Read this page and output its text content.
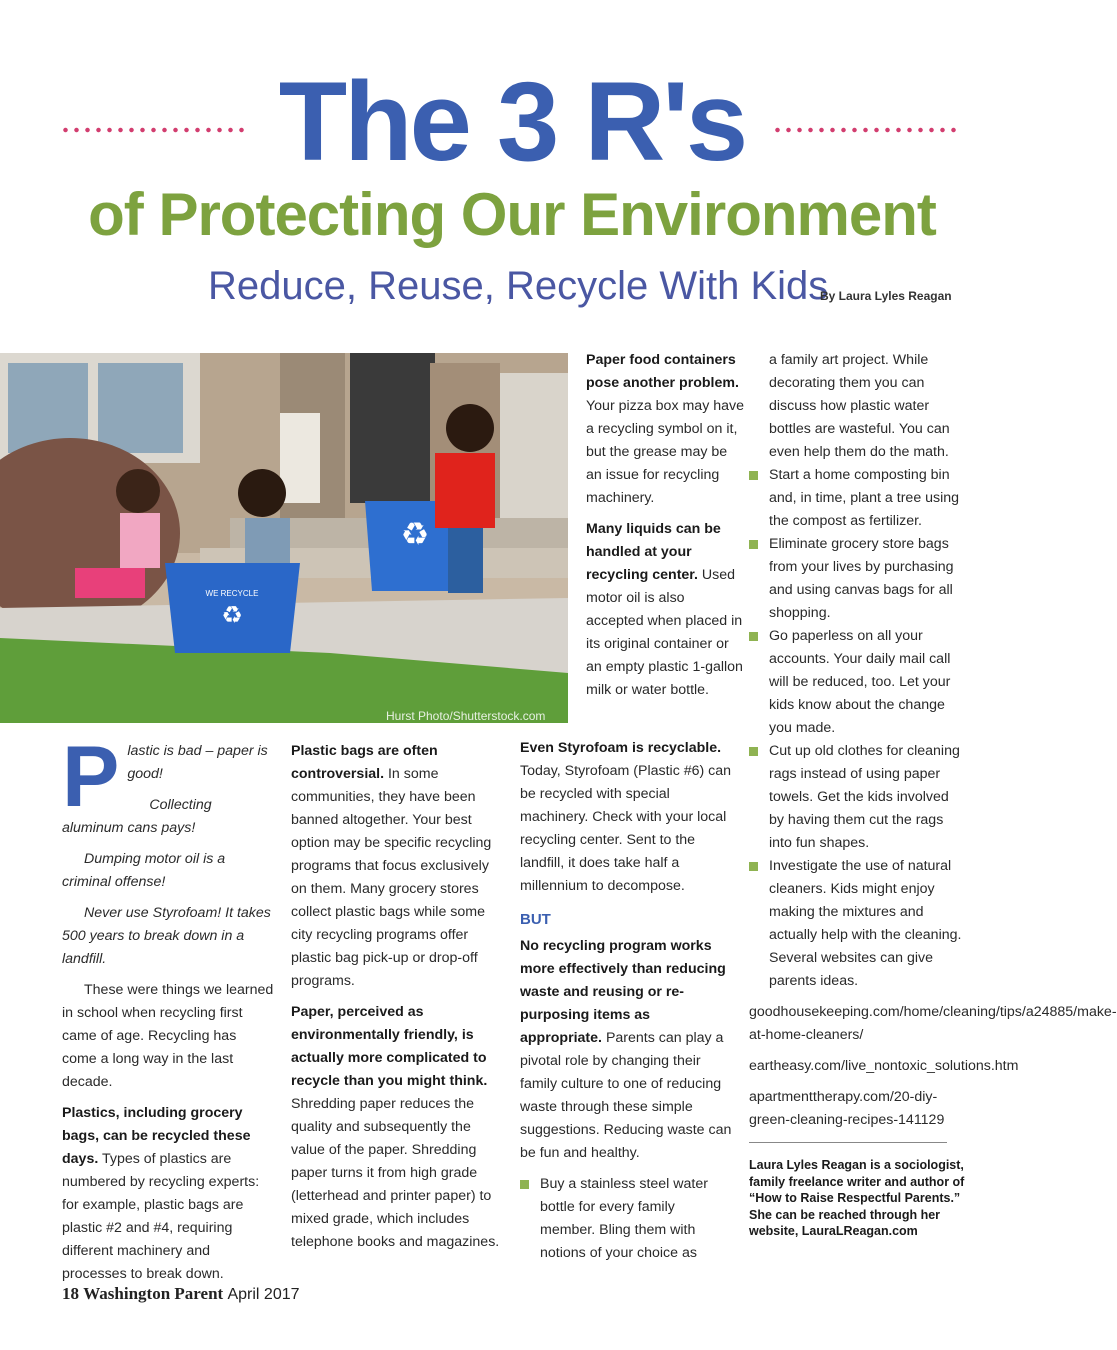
The 3 R's
of Protecting Our Environment
Reduce, Reuse, Recycle With Kids
By Laura Lyles Reagan
WE RECYCLE
♻
♻
Hurst Photo/Shutterstock.com

Paper food containers pose another problem. Your pizza box may have a recycling symbol on it, but the grease may be an issue for recycling machinery.

Many liquids can be handled at your recycling center. Used motor oil is also accepted when placed in its original container or an empty plastic 1-gallon milk or water bottle.

a family art project. While decorating them you can discuss how plastic water bottles are wasteful. You can even help them do the math.
Start a home composting bin and, in time, plant a tree using the compost as fertilizer.
Eliminate grocery store bags from your lives by purchasing and using canvas bags for all shopping.
Go paperless on all your accounts. Your daily mail call will be reduced, too. Let your kids know about the change you made.
Cut up old clothes for cleaning rags instead of using paper towels. Get the kids involved by having them cut the rags into fun shapes.
Investigate the use of natural cleaners. Kids might enjoy making the mixtures and actually help with the cleaning. Several websites can give parents ideas.
goodhousekeeping.com/home/cleaning/tips/a24885/make-at-home-cleaners/
eartheasy.com/live_nontoxic_solutions.htm
apartmenttherapy.com/20-diy-green-cleaning-recipes-141129
Laura Lyles Reagan is a sociologist, family freelance writer and author of “How to Raise Respectful Parents.” She can be reached through her website, LauraLReagan.com

Plastic is bad – paper is good!

Collecting aluminum cans pays!

Dumping motor oil is a criminal offense!

Never use Styrofoam! It takes 500 years to break down in a landfill.

These were things we learned in school when recycling first came of age. Recycling has come a long way in the last decade.

Plastics, including grocery bags, can be recycled these days. Types of plastics are numbered by recycling experts: for example, plastic bags are plastic #2 and #4, requiring different machinery and processes to break down.

Plastic bags are often controversial. In some communities, they have been banned altogether. Your best option may be specific recycling programs that focus exclusively on them. Many grocery stores collect plastic bags while some city recycling programs offer plastic bag pick-up or drop-off programs.

Paper, perceived as environmentally friendly, is actually more complicated to recycle than you might think. Shredding paper reduces the quality and subsequently the value of the paper. Shredding paper turns it from high grade (letterhead and printer paper) to mixed grade, which includes telephone books and magazines.

Even Styrofoam is recyclable. Today, Styrofoam (Plastic #6) can be recycled with special machinery. Check with your local recycling center. Sent to the landfill, it does take half a millennium to decompose.

BUT

No recycling program works more effectively than reducing waste and reusing or re-purposing items as appropriate. Parents can play a pivotal role by changing their family culture to one of reducing waste through these simple suggestions. Reducing waste can be fun and healthy.

Buy a stainless steel water bottle for every family member. Bling them with notions of your choice as
18 Washington Parent April 2017
